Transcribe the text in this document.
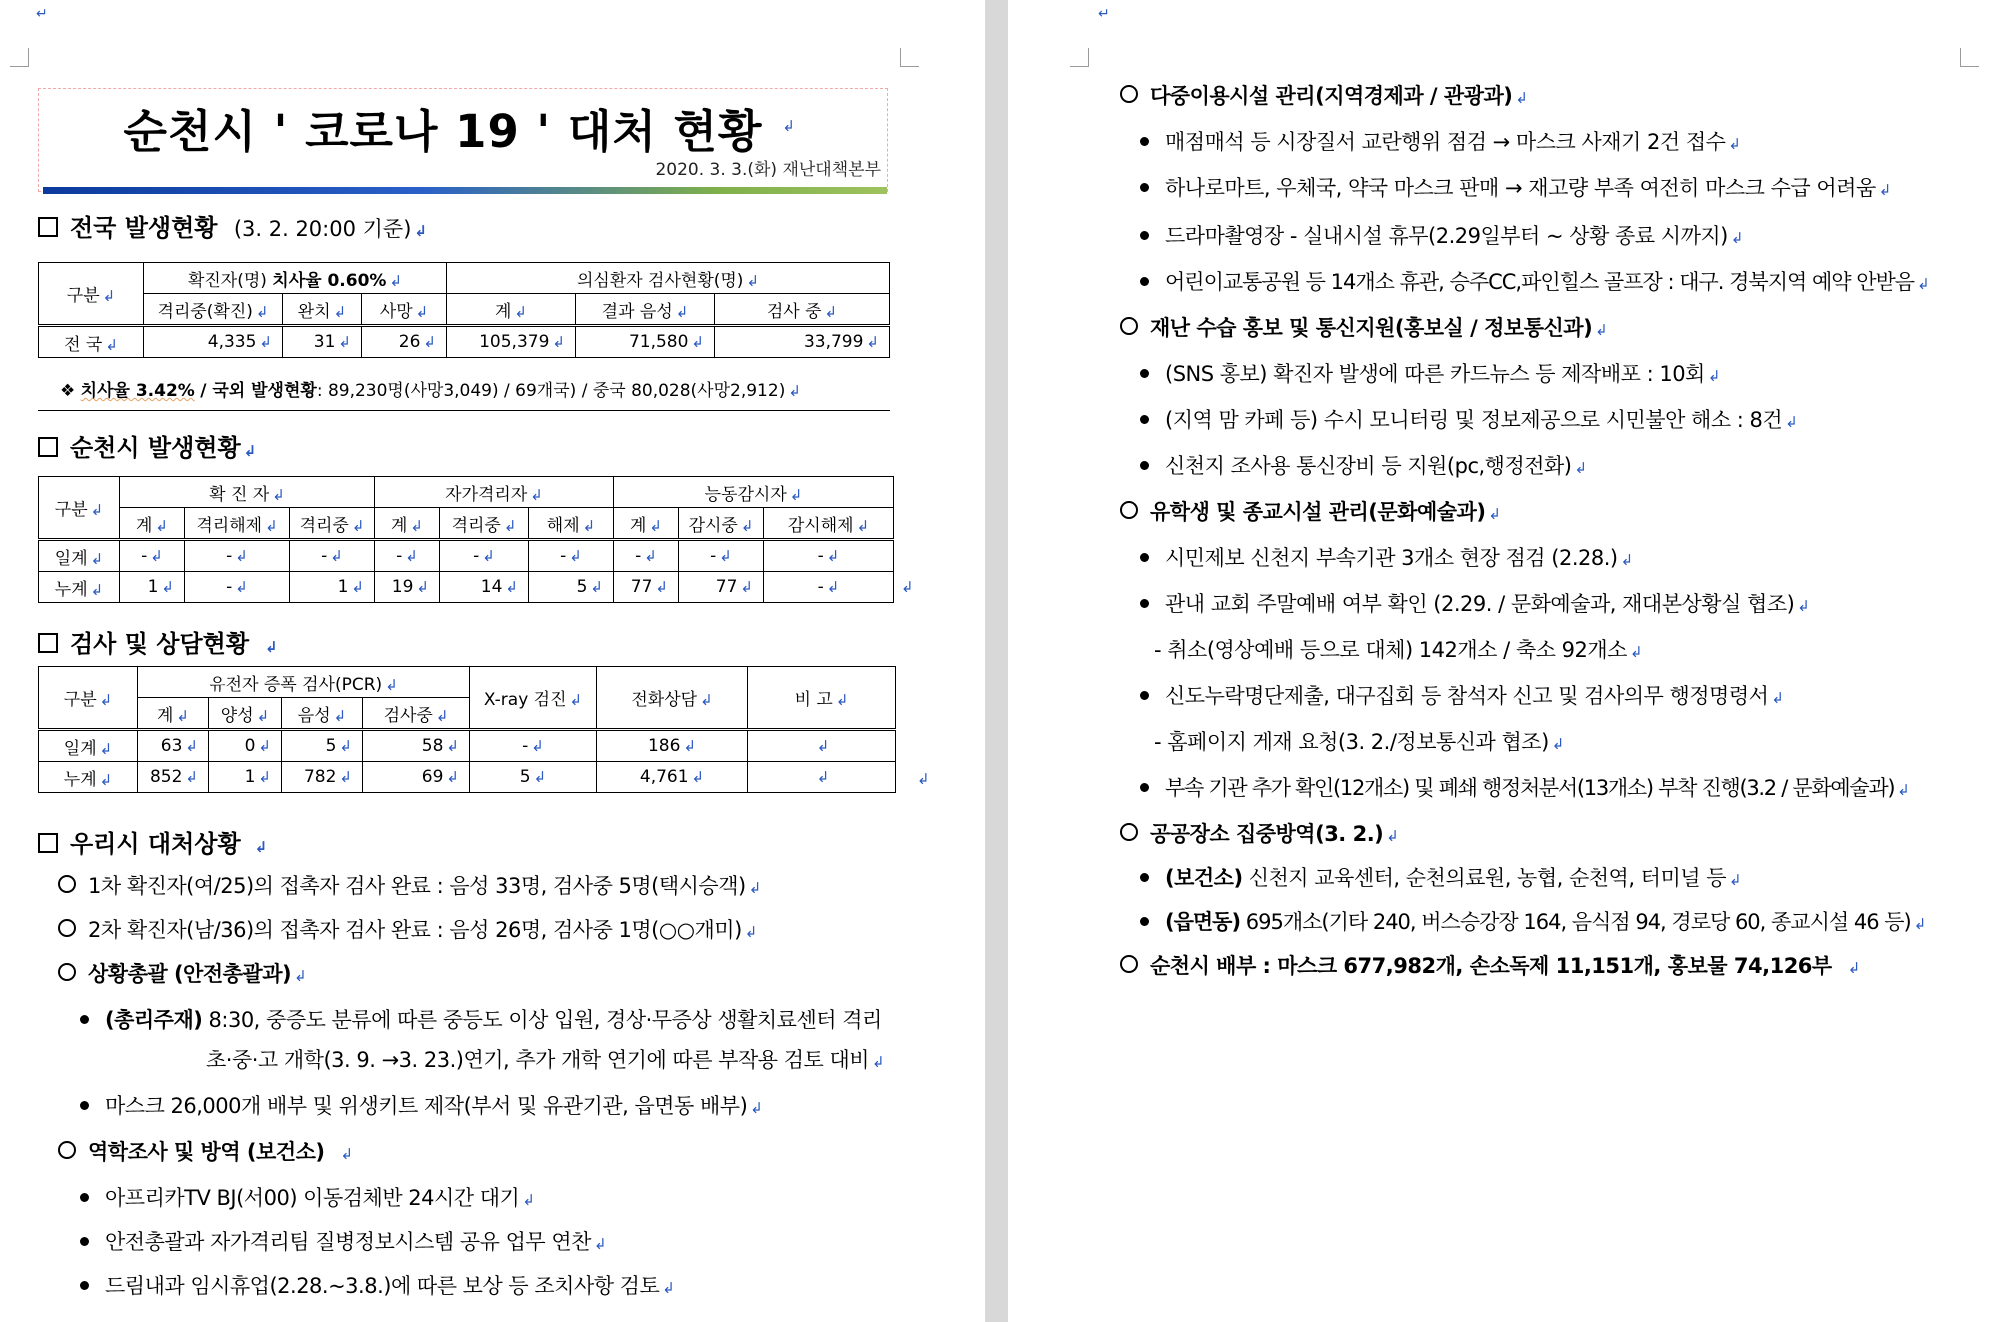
↵
순천시 ' 코로나 19 ' 대처 현황	↲
2020. 3. 3.(화) 재난대책본부
전국 발생현황 (3. 2. 20:00 기준) ↲
구분 ↲	확진자(명) 치사율 0.60% ↲			의심환자 검사현황(명) ↲		
	격리중(확진) ↲	완치 ↲	사망 ↲	계 ↲	결과 음성 ↲	검사 중 ↲
전 국 ↲	4,335 ↲	31 ↲	26 ↲	105,379 ↲	71,580 ↲	33,799 ↲
❖ 치사율 3.42% / 국외 발생현황: 89,230명(사망3,049) / 69개국) / 중국 80,028(사망2,912) ↲
순천시 발생현황 ↲
구분 ↲	확 진 자 ↲			자가격리자 ↲			능동감시자 ↲		
	계 ↲	격리해제 ↲	격리중 ↲	계 ↲	격리중 ↲	해제 ↲	계 ↲	감시중 ↲	감시해제 ↲
일계 ↲	- ↲	- ↲	- ↲	- ↲	- ↲	- ↲	- ↲	- ↲	- ↲
누계 ↲	1 ↲	- ↲	1 ↲	19 ↲	14 ↲	5 ↲	77 ↲	77 ↲	- ↲	↲
검사 및 상담현황 ↲
구분 ↲	유전자 증폭 검사(PCR) ↲				X-ray 검진 ↲	전화상담 ↲	비 고 ↲
	계 ↲	양성 ↲	음성 ↲	검사중 ↲			
일계 ↲	63 ↲	0 ↲	5 ↲	58 ↲	- ↲	186 ↲	↲
누계 ↲	852 ↲	1 ↲	782 ↲	69 ↲	5 ↲	4,761 ↲	↲	↲
우리시 대처상황 ↲
1차 확진자(여/25)의 접촉자 검사 완료 : 음성 33명, 검사중 5명(택시승객) ↲
2차 확진자(남/36)의 접촉자 검사 완료 : 음성 26명, 검사중 1명(○○개미) ↲
상황총괄 (안전총괄과) ↲
(총리주재) 8:30, 중증도 분류에 따른 중등도 이상 입원, 경상·무증상 생활치료센터 격리
초·중·고 개학(3. 9. →3. 23.)연기, 추가 개학 연기에 따른 부작용 검토 대비 ↲
마스크 26,000개 배부 및 위생키트 제작(부서 및 유관기관, 읍면동 배부) ↲
역학조사 및 방역 (보건소) ↲
아프리카TV BJ(서00) 이동검체반 24시간 대기 ↲
안전총괄과 자가격리팀 질병정보시스템 공유 업무 연찬 ↲
드림내과 임시휴업(2.28.~3.8.)에 따른 보상 등 조치사항 검토 ↲
↵
다중이용시설 관리(지역경제과 / 관광과) ↲
매점매석 등 시장질서 교란행위 점검 → 마스크 사재기 2건 접수 ↲
하나로마트, 우체국, 약국 마스크 판매 → 재고량 부족 여전히 마스크 수급 어려움 ↲
드라마촬영장 - 실내시설 휴무(2.29일부터 ~ 상황 종료 시까지) ↲
어린이교통공원 등 14개소 휴관, 승주CC,파인힐스 골프장 : 대구. 경북지역 예약 안받음 ↲
재난 수습 홍보 및 통신지원(홍보실 / 정보통신과) ↲
(SNS 홍보) 확진자 발생에 따른 카드뉴스 등 제작배포 : 10회 ↲
(지역 맘 카페 등) 수시 모니터링 및 정보제공으로 시민불안 해소 : 8건 ↲
신천지 조사용 통신장비 등 지원(pc,행정전화) ↲
유학생 및 종교시설 관리(문화예술과) ↲
시민제보 신천지 부속기관 3개소 현장 점검 (2.28.) ↲
관내 교회 주말예배 여부 확인 (2.29. / 문화예술과, 재대본상황실 협조) ↲
- 취소(영상예배 등으로 대체) 142개소 / 축소 92개소 ↲
신도누락명단제출, 대구집회 등 참석자 신고 및 검사의무 행정명령서 ↲
- 홈페이지 게재 요청(3. 2./정보통신과 협조) ↲
부속 기관 추가 확인(12개소) 및 폐쇄 행정처분서(13개소) 부착 진행(3.2 / 문화예술과) ↲
공공장소 집중방역(3. 2.) ↲
(보건소) 신천지 교육센터, 순천의료원, 농협, 순천역, 터미널 등 ↲
(읍면동) 695개소(기타 240, 버스승강장 164, 음식점 94, 경로당 60, 종교시설 46 등) ↲
순천시 배부 : 마스크 677,982개, 손소독제 11,151개, 홍보물 74,126부 ↲
